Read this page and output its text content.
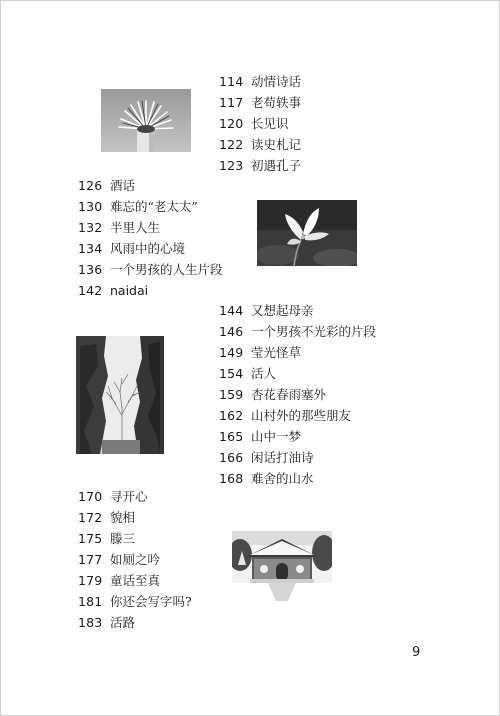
114 动情诗话
117 老苟轶事
120 长见识
122 读史札记
123 初遇孔子
126 酒话
130 难忘的“老太太”
132 半里人生
134 风雨中的心境
136 一个男孩的人生片段
142 naidai
144 又想起母亲
146 一个男孩不光彩的片段
149 莹光怪草
154 活人
159 杏花春雨塞外
162 山村外的那些朋友
165 山中一梦
166 闲话打油诗
168 难舍的山水
170 寻开心
172 貌相
175 滕三
177 如厕之吟
179 童话至真
181 你还会写字吗?
183 活路
9
